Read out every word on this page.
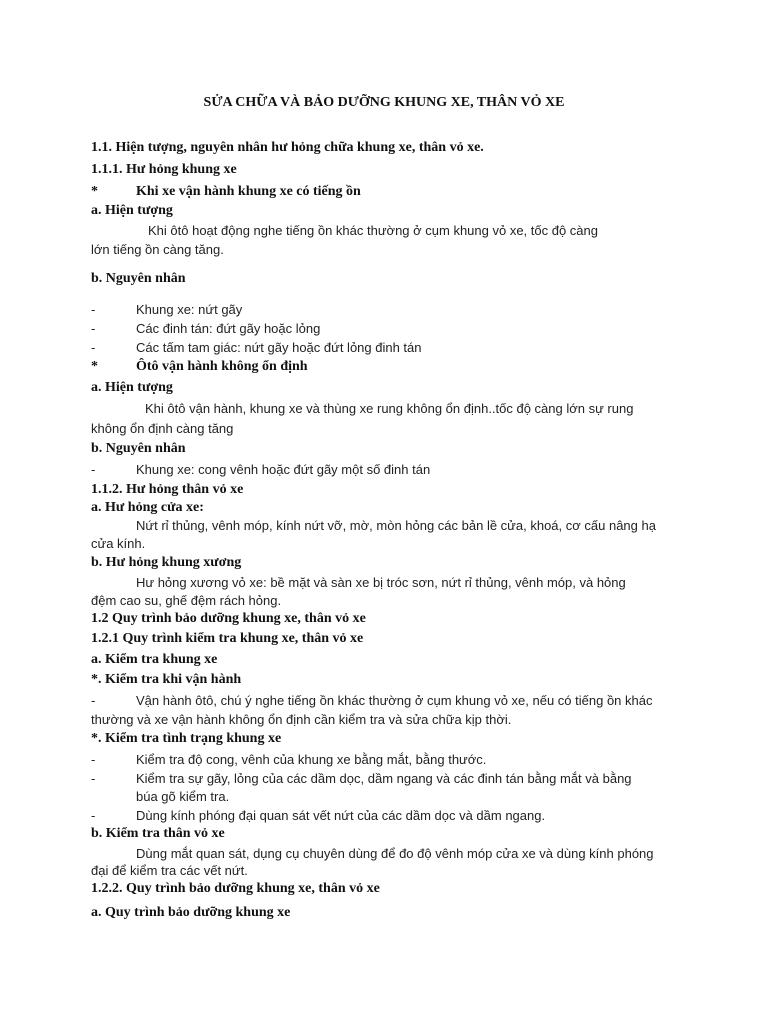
SỬA CHỮA VÀ BẢO DƯỠNG KHUNG XE, THÂN VỎ XE
1.1. Hiện tượng, nguyên nhân hư hỏng chữa khung xe, thân vỏ xe.
1.1.1. Hư hỏng khung xe
*	Khi xe vận hành khung xe có tiếng ồn
a. Hiện tượng
Khi ôtô hoạt động nghe tiếng ồn khác thường ở cụm khung vỏ xe, tốc độ càng
lớn tiếng ồn càng tăng.
b. Nguyên nhân
-	Khung xe: nứt gãy
-	Các đinh tán: đứt gãy hoặc lỏng
-	Các tấm tam giác: nứt gãy hoặc đứt lỏng đinh tán
*	Ôtô vận hành không ổn định
a. Hiện tượng
Khi ôtô vận hành, khung xe và thùng xe rung không ổn định..tốc độ càng lớn sự rung
không ổn định càng tăng
b. Nguyên nhân
-	Khung xe: cong vênh hoặc đứt gãy một số đinh tán
1.1.2. Hư hỏng thân vỏ xe
a. Hư hỏng cửa xe:
Nứt rỉ thủng, vênh móp, kính nứt vỡ, mờ, mòn hỏng các bản lề cửa, khoá, cơ cấu nâng hạ
cửa kính.
b. Hư hỏng khung xương
Hư hỏng xương vỏ xe: bề mặt và sàn xe bị tróc sơn, nứt rỉ thủng, vênh móp, và hỏng
đệm cao su, ghế đệm rách hỏng.
1.2 Quy trình bảo dưỡng khung xe, thân vỏ xe
1.2.1 Quy trình kiểm tra khung xe, thân vỏ xe
a. Kiểm tra khung xe
*. Kiểm tra khi vận hành
-	Vận hành ôtô, chú ý nghe tiếng ồn khác thường ở cụm khung vỏ xe, nếu có tiếng ồn khác
thường và xe vận hành không ổn định cần kiểm tra và sửa chữa kịp thời.
*. Kiểm tra tình trạng khung xe
-	Kiểm tra độ cong, vênh của khung xe bằng mắt, bằng thước.
-	Kiểm tra sự gãy, lỏng của các dầm dọc, dầm ngang và các đinh tán bằng mắt và bằng
búa gõ kiểm tra.
-	Dùng kính phóng đại quan sát vết nứt của các dầm dọc và dầm ngang.
b. Kiểm tra thân vỏ xe
Dùng mắt quan sát, dụng cụ chuyên dùng để đo độ vênh móp cửa xe và dùng kính phóng
đại để kiểm tra các vết nứt.
1.2.2. Quy trình bảo dưỡng khung xe, thân vỏ xe
a. Quy trình bảo dưỡng khung xe
